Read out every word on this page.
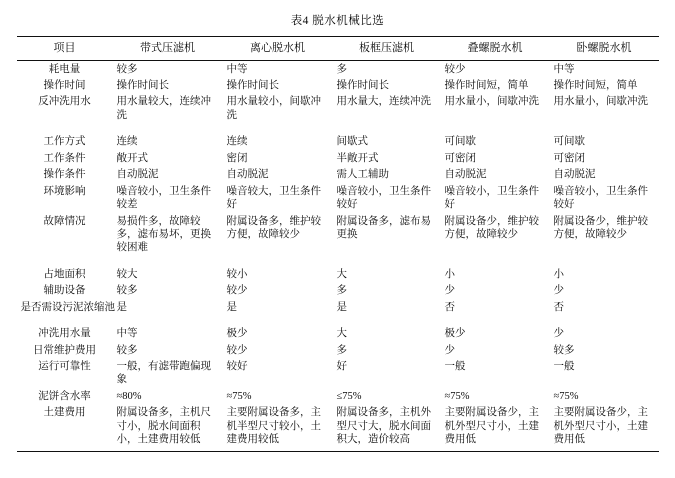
表4 脱水机械比选
项目	带式压滤机	离心脱水机	板框压滤机	叠螺脱水机	卧螺脱水机
耗电量	较多	中等	多	较少	中等
操作时间	操作时间长	操作时间长	操作时间长	操作时间短，简单	操作时间短，简单
反冲洗用水	用水量较大，连续冲洗	用水量较小，间歇冲洗	用水量大，连续冲洗	用水量小，间歇冲洗	用水量小，间歇冲洗

工作方式	连续	连续	间歇式	可间歇	可间歇
工作条件	敞开式	密闭	半敞开式	可密闭	可密闭
操作条件	自动脱泥	自动脱泥	需人工辅助	自动脱泥	自动脱泥
环境影响	噪音较小，卫生条件较差	噪音较大，卫生条件好	噪音较小，卫生条件较好	噪音较小，卫生条件好	噪音较小，卫生条件较好
故障情况	易损件多，故障较多，滤布易坏，更换较困难	附属设备多，维护较方便，故障较少	附属设备多，滤布易更换	附属设备少，维护较方便，故障较少	附属设备少，维护较方便，故障较少

占地面积	较大	较小	大	小	小
辅助设备	较多	较少	多	少	少
是否需设污泥浓缩池	是	是	是	否	否

冲洗用水量	中等	极少	大	极少	少
日常维护费用	较多	较少	多	少	较多
运行可靠性	一般，有滤带跑偏现象	较好	好	一般	一般
泥饼含水率	≈80%	≈75%	≤75%	≈75%	≈75%
土建费用	附属设备多，主机尺寸小，脱水间面积小，土建费用较低	主要附属设备多，主机半型尺寸较小，土建费用较低	附属设备多，主机外型尺寸大，脱水间面积大，造价较高	主要附属设备少，主机外型尺寸小，土建费用低	主要附属设备少，主机外型尺寸小，土建费用低
